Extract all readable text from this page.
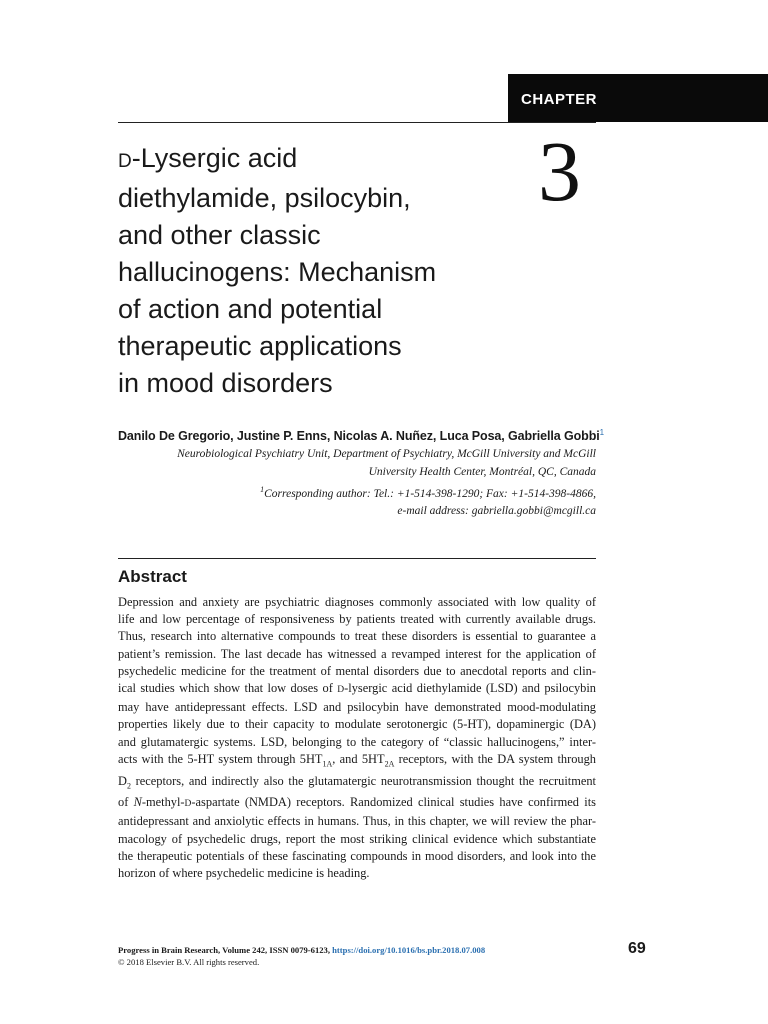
CHAPTER
3
D-Lysergic acid
diethylamide, psilocybin,
and other classic
hallucinogens: Mechanism
of action and potential
therapeutic applications
in mood disorders
Danilo De Gregorio, Justine P. Enns, Nicolas A. Nuñez, Luca Posa, Gabriella Gobbi$^1$
Neurobiological Psychiatry Unit, Department of Psychiatry, McGill University and McGill
University Health Center, Montréal, QC, Canada
$^1$Corresponding author: Tel.: +1-514-398-1290; Fax: +1-514-398-4866,
e-mail address: gabriella.gobbi@mcgill.ca
Abstract
Depression and anxiety are psychiatric diagnoses commonly associated with low quality of
life and low percentage of responsiveness by patients treated with currently available drugs.
Thus, research into alternative compounds to treat these disorders is essential to guarantee a
patient’s remission. The last decade has witnessed a revamped interest for the application of
psychedelic medicine for the treatment of mental disorders due to anecdotal reports and clin-
ical studies which show that low doses of D-lysergic acid diethylamide (LSD) and psilocybin
may have antidepressant effects. LSD and psilocybin have demonstrated mood-modulating
properties likely due to their capacity to modulate serotonergic (5-HT), dopaminergic (DA)
and glutamatergic systems. LSD, belonging to the category of “classic hallucinogens,” inter-
acts with the 5-HT system through $5HT_{1A}$, and $5HT_{2A}$ receptors, with the DA system through
$D_2$ receptors, and indirectly also the glutamatergic neurotransmission thought the recruitment
of N-methyl-D-aspartate (NMDA) receptors. Randomized clinical studies have confirmed its
antidepressant and anxiolytic effects in humans. Thus, in this chapter, we will review the phar-
macology of psychedelic drugs, report the most striking clinical evidence which substantiate
the therapeutic potentials of these fascinating compounds in mood disorders, and look into the
horizon of where psychedelic medicine is heading.
Progress in Brain Research, Volume 242, ISSN 0079-6123, https://doi.org/10.1016/bs.pbr.2018.07.008
© 2018 Elsevier B.V. All rights reserved.
69
